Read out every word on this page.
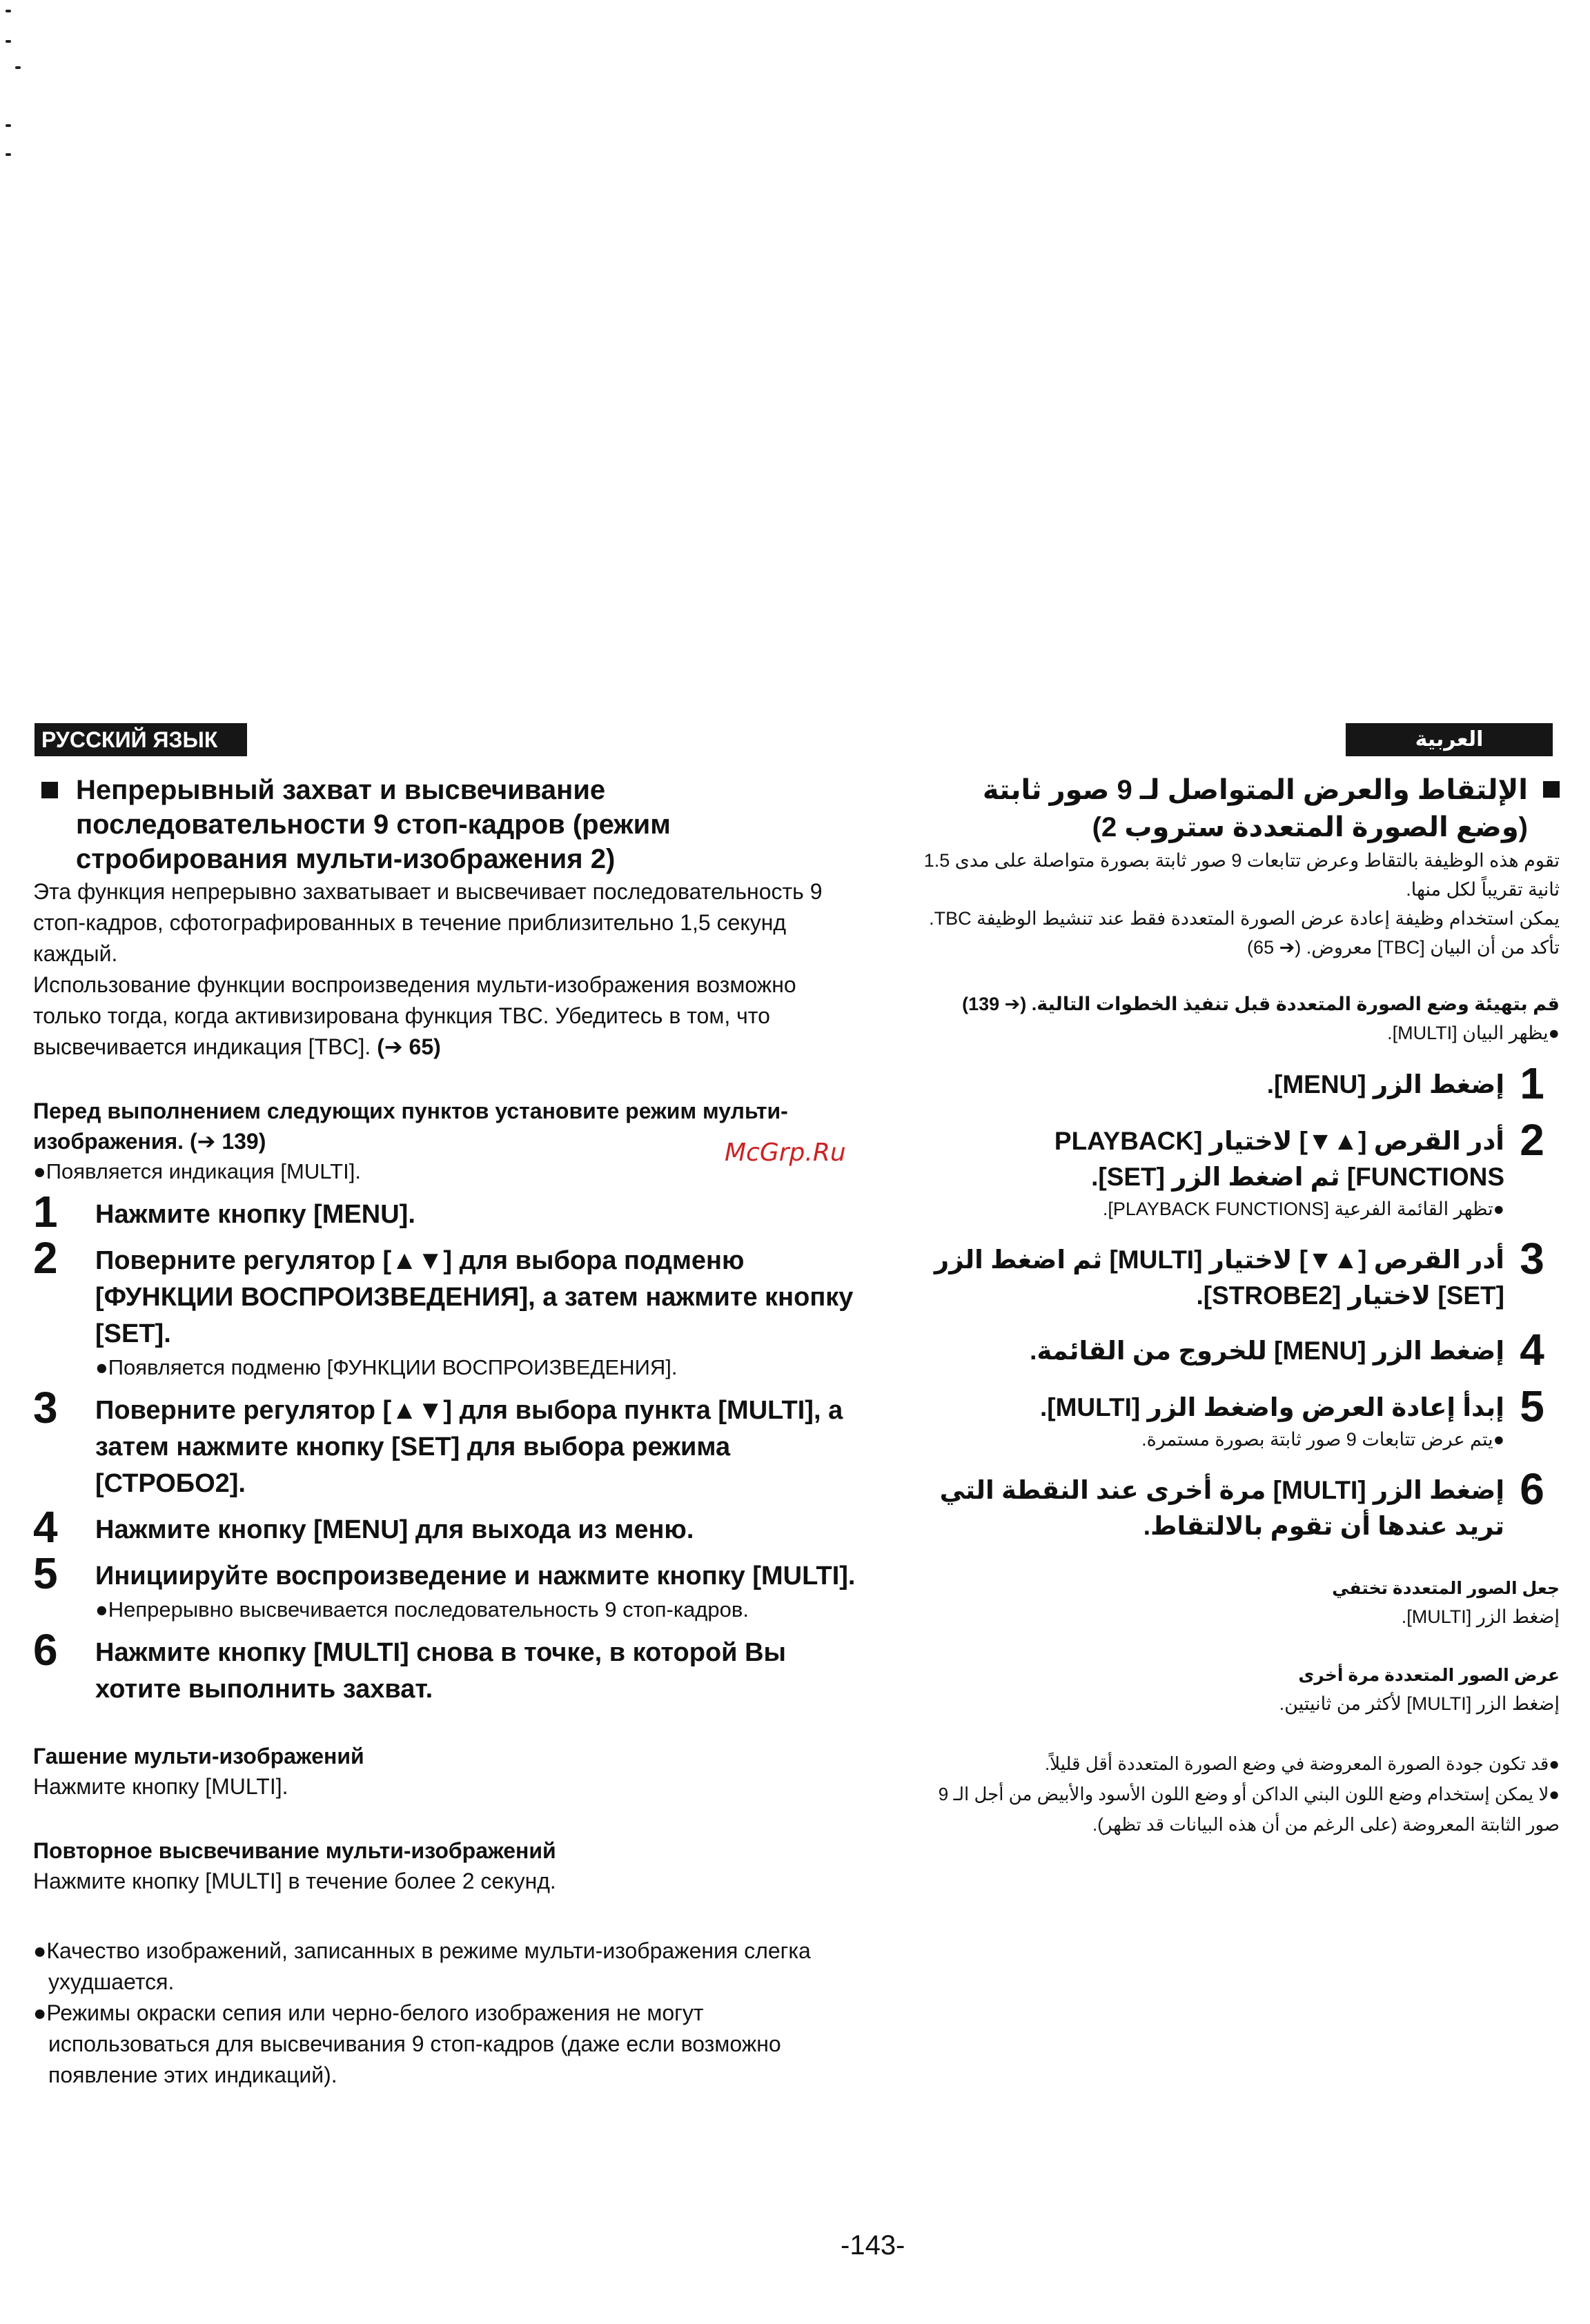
РУССКИЙ ЯЗЫК	العربية
McGrp.Ru
Непрерывный захват и высвечивание последовательности 9 стоп-кадров (режим стробирования мульти-изображения 2)

Эта функция непрерывно захватывает и высвечивает последовательность 9 стоп-кадров, сфотографированных в течение приблизительно 1,5 секунд каждый.

Использование функции воспроизведения мульти-изображения возможно только тогда, когда активизирована функция TBC. Убедитесь в том, что высвечивается индикация [TBC]. (➔ 65)

Перед выполнением следующих пунктов установите режим мульти-изображения. (➔ 139)
●Появляется индикация [MULTI].
1	Нажмите кнопку [MENU].
2	Поверните регулятор [▲▼] для выбора подменю [ФУНКЦИИ ВОСПРОИЗВЕДЕНИЯ], а затем нажмите кнопку [SET].
●Появляется подменю [ФУНКЦИИ ВОСПРОИЗВЕДЕНИЯ].
3	Поверните регулятор [▲▼] для выбора пункта [MULTI], а затем нажмите кнопку [SET] для выбора режима [СТРОБО2].
4	Нажмите кнопку [MENU] для выхода из меню.
5	Инициируйте воспроизведение и нажмите кнопку [MULTI].
●Непрерывно высвечивается последовательность 9 стоп-кадров.
6	Нажмите кнопку [MULTI] снова в точке, в которой Вы хотите выполнить захват.
Гашение мульти-изображений
Нажмите кнопку [MULTI].
Повторное высвечивание мульти-изображений
Нажмите кнопку [MULTI] в течение более 2 секунд.
●Качество изображений, записанных в режиме мульти-изображения слегка ухудшается.
●Режимы окраски сепия или черно-белого изображения не могут использоваться для высвечивания 9 стоп-кадров (даже если возможно появление этих индикаций).
الإلتقاط والعرض المتواصل لـ 9 صور ثابتة (وضع الصورة المتعددة ستروب 2)
تقوم هذه الوظيفة بالتقاط وعرض تتابعات 9 صور ثابتة بصورة متواصلة على مدى 1.5 ثانية تقريباً لكل منها.
يمكن استخدام وظيفة إعادة عرض الصورة المتعددة فقط عند تنشيط الوظيفة TBC. تأكد من أن البيان [TBC] معروض. (➔ 65)
قم بتهيئة وضع الصورة المتعددة قبل تنفيذ الخطوات التالية. (➔ 139)
●يظهر البيان [MULTI].
1
إضغط الزر [MENU].
2
أدر القرص [▲▼] لاختيار [PLAYBACK FUNCTIONS] ثم اضغط الزر [SET].
●تظهر القائمة الفرعية [PLAYBACK FUNCTIONS].
3
أدر القرص [▲▼] لاختيار [MULTI] ثم اضغط الزر [SET] لاختيار [STROBE2].
4
إضغط الزر [MENU] للخروج من القائمة.
5
إبدأ إعادة العرض واضغط الزر [MULTI].
●يتم عرض تتابعات 9 صور ثابتة بصورة مستمرة.
6
إضغط الزر [MULTI] مرة أخرى عند النقطة التي تريد عندها أن تقوم بالالتقاط.
جعل الصور المتعددة تختفي
إضغط الزر [MULTI].
عرض الصور المتعددة مرة أخرى
إضغط الزر [MULTI] لأكثر من ثانيتين.
●قد تكون جودة الصورة المعروضة في وضع الصورة المتعددة أقل قليلاً.
●لا يمكن إستخدام وضع اللون البني الداكن أو وضع اللون الأسود والأبيض من أجل الـ 9 صور الثابتة المعروضة (على الرغم من أن هذه البيانات قد تظهر).
-143-
